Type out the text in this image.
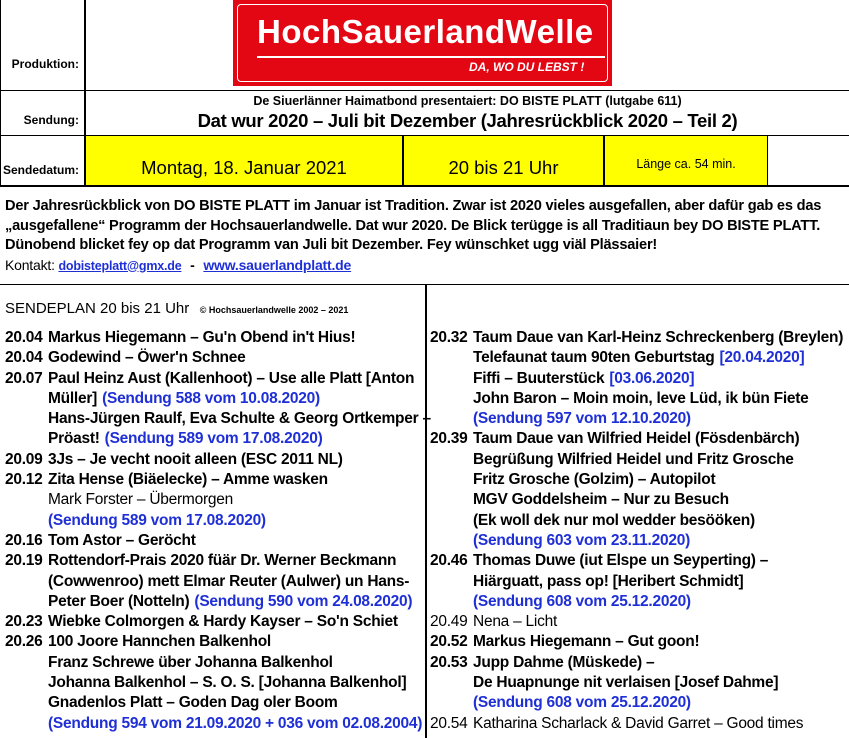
Produktion:
Sendung:
Sendedatum:
HochSauerlandWelle
DA, WO DU LEBST !
De Siuerlänner Haimatbond presentaiert: DO BISTE PLATT (lutgabe 611)
Dat wur 2020 – Juli bit Dezember (Jahresrückblick 2020 – Teil 2)
Montag, 18. Januar 2021	20 bis 21 Uhr	Länge ca. 54 min.
Der Jahresrückblick von DO BISTE PLATT im Januar ist Tradition. Zwar ist 2020 vieles ausgefallen, aber dafür gab es das
„ausgefallene“ Programm der Hochsauerlandwelle. Dat wur 2020. De Blick terügge is all Traditiaun bey DO BISTE PLATT.
Dünobend blicket fey op dat Programm van Juli bit Dezember. Fey wünschket ugg viäl Plässaier!
Kontakt: dobisteplatt@gmx.de - www.sauerlandplatt.de
SENDEPLAN 20 bis 21 Uhr © Hochsauerlandwelle 2002 – 2021
20.04 Markus Hiegemann – Gu'n Obend in't Hius!
20.04 Godewind – Öwer'n Schnee
20.07 Paul Heinz Aust (Kallenhoot) – Use alle Platt [Anton
Müller] (Sendung 588 vom 10.08.2020)
Hans-Jürgen Raulf, Eva Schulte & Georg Ortkemper –
Pröast! (Sendung 589 vom 17.08.2020)
20.09 3Js – Je vecht nooit alleen (ESC 2011 NL)
20.12 Zita Hense (Biäelecke) – Amme wasken
Mark Forster – Übermorgen
(Sendung 589 vom 17.08.2020)
20.16 Tom Astor – Geröcht
20.19 Rottendorf-Prais 2020 füär Dr. Werner Beckmann
(Cowwenroo) mett Elmar Reuter (Aulwer) un Hans-
Peter Boer (Notteln) (Sendung 590 vom 24.08.2020)
20.23 Wiebke Colmorgen & Hardy Kayser – So'n Schiet
20.26 100 Joore Hannchen Balkenhol
Franz Schrewe über Johanna Balkenhol
Johanna Balkenhol – S. O. S. [Johanna Balkenhol]
Gnadenlos Platt – Goden Dag oler Boom
(Sendung 594 vom 21.09.2020 + 036 vom 02.08.2004)
20.32 Taum Daue van Karl-Heinz Schreckenberg (Breylen)
Telefaunat taum 90ten Geburtstag [20.04.2020]
Fiffi – Buuterstück [03.06.2020]
John Baron – Moin moin, leve Lüd, ik bün Fiete
(Sendung 597 vom 12.10.2020)
20.39 Taum Daue van Wilfried Heidel (Fösdenbärch)
Begrüßung Wilfried Heidel und Fritz Grosche
Fritz Grosche (Golzim) – Autopilot
MGV Goddelsheim – Nur zu Besuch
(Ek woll dek nur mol wedder besööken)
(Sendung 603 vom 23.11.2020)
20.46 Thomas Duwe (iut Elspe un Seyperting) –
Hiärguatt, pass op! [Heribert Schmidt]
(Sendung 608 vom 25.12.2020)
20.49 Nena – Licht
20.52 Markus Hiegemann – Gut goon!
20.53 Jupp Dahme (Müskede) –
De Huapnunge nit verlaisen [Josef Dahme]
(Sendung 608 vom 25.12.2020)
20.54 Katharina Scharlack & David Garret – Good times
